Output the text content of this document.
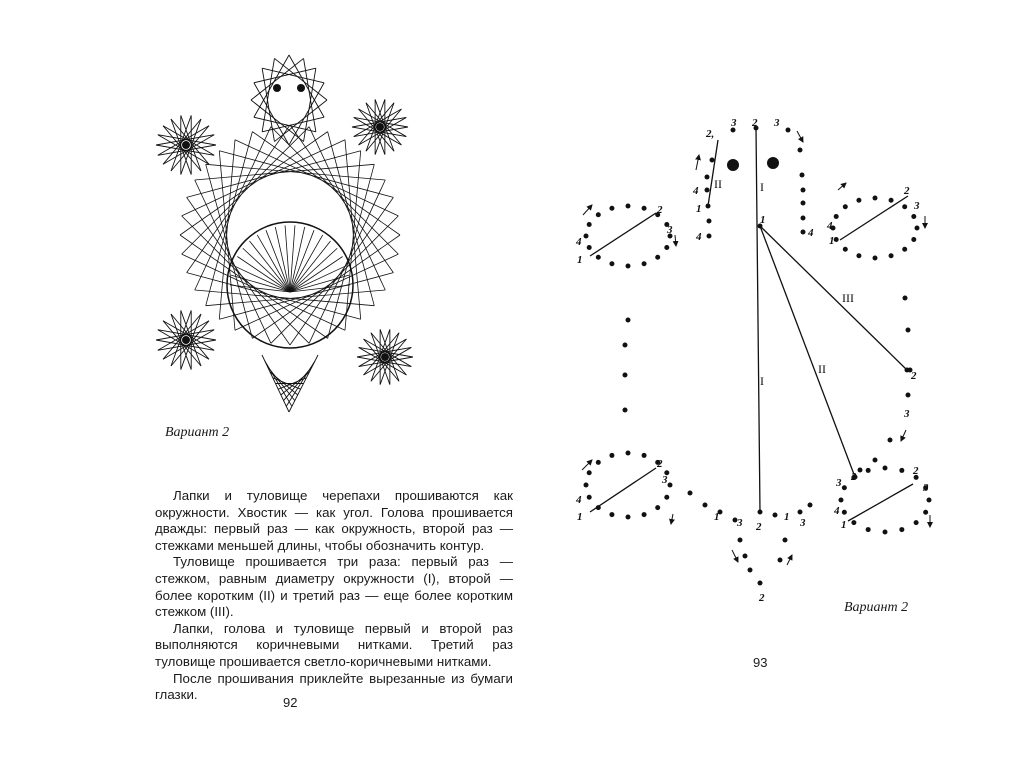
Вариант 2

Лапки и туловище черепахи прошиваются как окружности. Хвостик — как угол. Голова прошивается дважды: первый раз — как окружность, второй раз — стежками меньшей длины, чтобы обозначить контур.

Туловище прошивается три раза: первый раз — стежком, равным диаметру окружности (I), второй — более коротким (II) и третий раз — еще более коротким стежком (III).

Лапки, голова и туловище первый и второй раз выполняются коричневыми нитками. Третий раз туловище прошивается светло-коричневыми нитками.

После прошивания приклейте вырезанные из бумаги глазки.

92
3 2 3
2,
II	I
4
1
4
1
4
2
3
4
1
2
3
4
1
III
II
I	2
3
2
3
4
1
3 2	2
3
4
1
1 3 2
1 3
2
Вариант 2
93
